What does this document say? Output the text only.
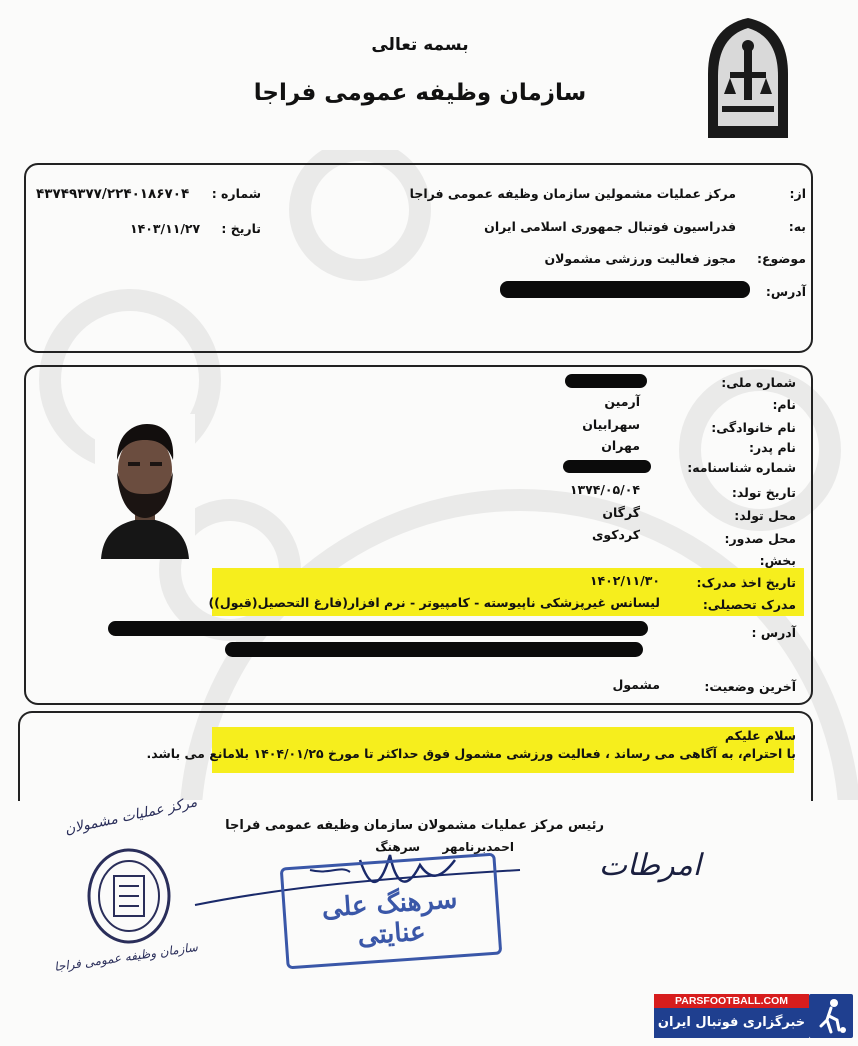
بسمه تعالی
سازمان وظیفه عمومی فراجا
از:
مرکز عملیات مشمولین سازمان وظیفه عمومی فراجا
به:
فدراسیون فوتبال جمهوری اسلامی ایران
موضوع:
مجوز فعالیت ورزشی مشمولان
آدرس:
شماره :
۴۳۷۴۹۳۷۷/۲۲۴۰۱۸۶۷۰۴
تاریخ :
۱۴۰۳/۱۱/۲۷
شماره ملی:
نام:
آرمین
نام خانوادگی:
سهرابیان
نام پدر:
مهران
شماره شناسنامه:
تاریخ تولد:
۱۳۷۴/۰۵/۰۴
محل تولد:
گرگان
محل صدور:
کردکوی
بخش:
تاریخ اخذ مدرک:
۱۴۰۲/۱۱/۳۰
مدرک تحصیلی:
لیسانس غیرپزشکی ناپیوسته - کامپیوتر - نرم افزار(فارغ التحصیل(قبول))
آدرس :
آخرین وضعیت:
مشمول
سلام علیکم
با احترام، به آگاهی می رساند ، فعالیت ورزشی مشمول فوق حداکثر تا مورخ ۱۴۰۴/۰۱/۲۵ بلامانع می باشد.
رئیس مرکز عملیات مشمولان سازمان وظیفه عمومی فراجا
سرهنگ احمدبرنامهر
سرهنگ علی عنایتی
امرطات
مرکز عملیات مشمولان
سازمان وظیفه عمومی فراجا
PARSFOOTBALL.COM
خبرگزاری فوتبال ایران
